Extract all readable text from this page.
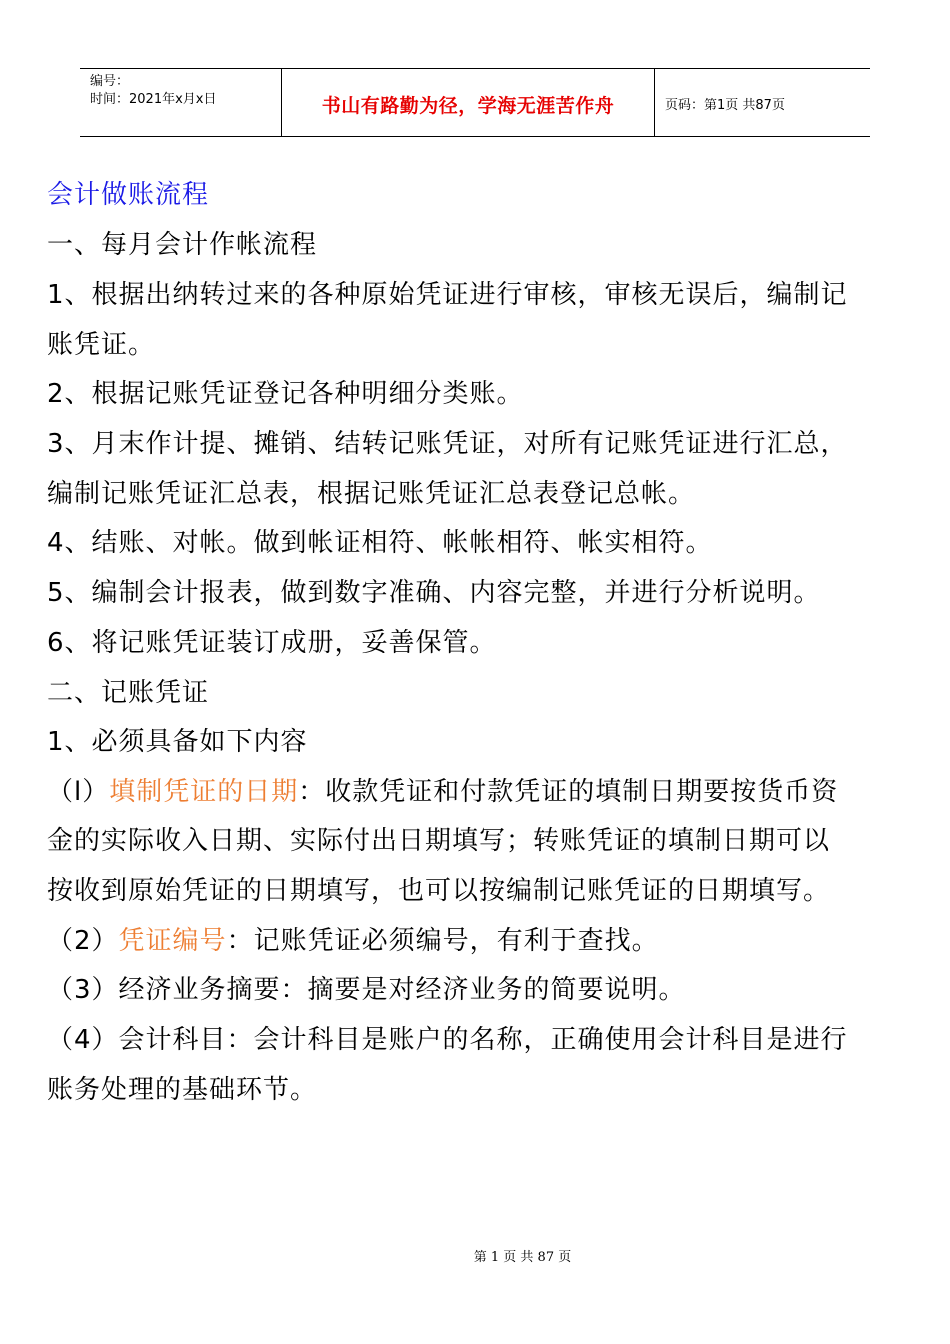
编号：
时间：2021年x月x日	书山有路勤为径，学海无涯苦作舟	页码：第1页 共87页
会计做账流程
一、每月会计作帐流程
1、根据出纳转过来的各种原始凭证进行审核，审核无误后，编制记
账凭证。
2、根据记账凭证登记各种明细分类账。
3、月末作计提、摊销、结转记账凭证，对所有记账凭证进行汇总，
编制记账凭证汇总表，根据记账凭证汇总表登记总帐。
4、结账、对帐。做到帐证相符、帐帐相符、帐实相符。
5、编制会计报表，做到数字准确、内容完整，并进行分析说明。
6、将记账凭证装订成册，妥善保管。
二、记账凭证
1、必须具备如下内容
（l）填制凭证的日期：收款凭证和付款凭证的填制日期要按货币资
金的实际收入日期、实际付出日期填写；转账凭证的填制日期可以
按收到原始凭证的日期填写，也可以按编制记账凭证的日期填写。
（2）凭证编号：记账凭证必须编号，有利于查找。
（3）经济业务摘要：摘要是对经济业务的简要说明。
（4）会计科目：会计科目是账户的名称，正确使用会计科目是进行
账务处理的基础环节。
第 1 页 共 87 页
